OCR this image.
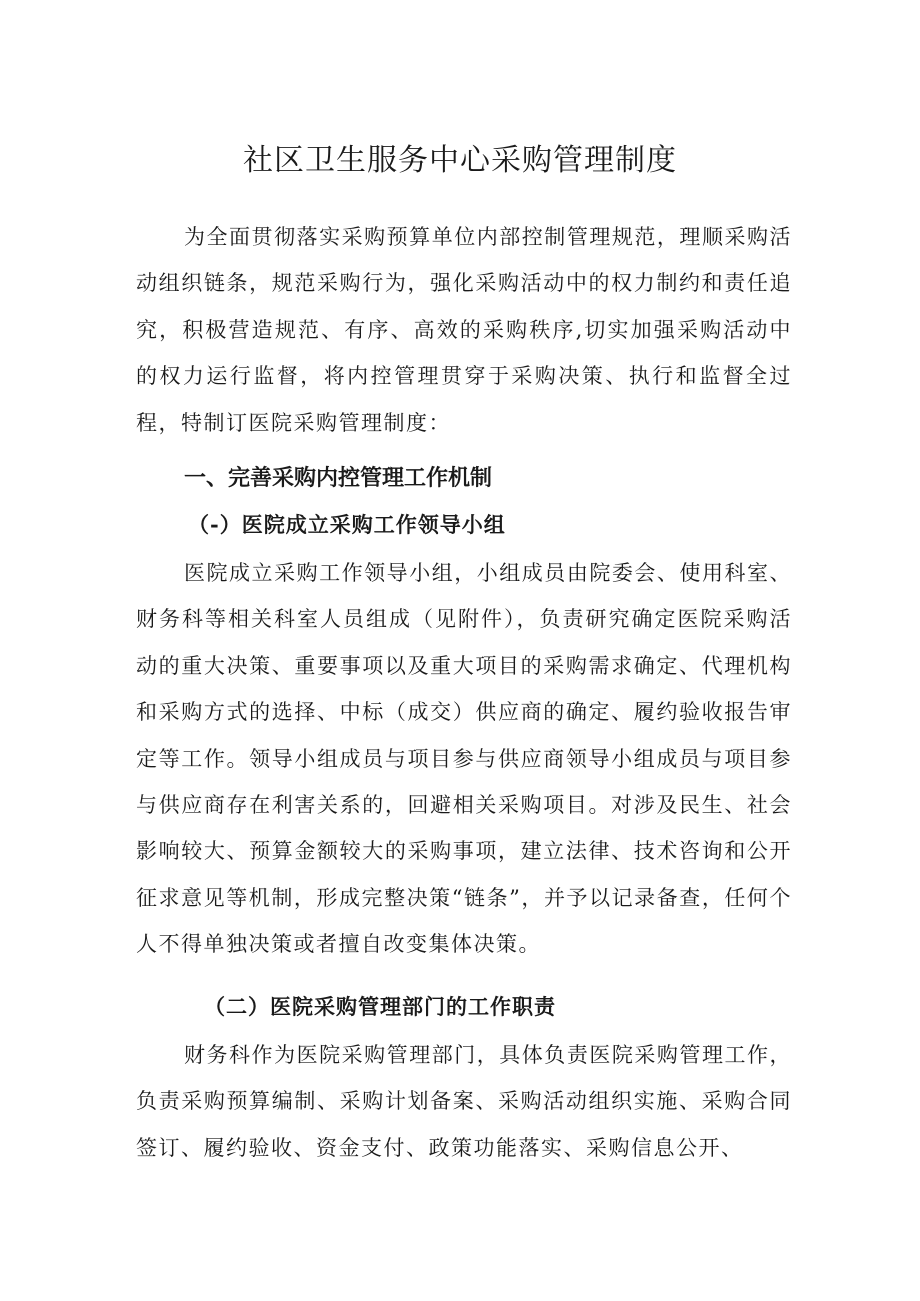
社区卫生服务中心采购管理制度

为全面贯彻落实采购预算单位内部控制管理规范，理顺采购活动组织链条，规范采购行为，强化采购活动中的权力制约和责任追究，积极营造规范、有序、高效的采购秩序,切实加强采购活动中的权力运行监督，将内控管理贯穿于采购决策、执行和监督全过程，特制订医院采购管理制度：

一、完善采购内控管理工作机制
（-）医院成立采购工作领导小组

医院成立采购工作领导小组，小组成员由院委会、使用科室、财务科等相关科室人员组成（见附件），负责研究确定医院采购活动的重大决策、重要事项以及重大项目的采购需求确定、代理机构和采购方式的选择、中标（成交）供应商的确定、履约验收报告审定等工作。领导小组成员与项目参与供应商领导小组成员与项目参与供应商存在利害关系的，回避相关采购项目。对涉及民生、社会影响较大、预算金额较大的采购事项，建立法律、技术咨询和公开征求意见等机制，形成完整决策“链条”，并予以记录备查，任何个人不得单独决策或者擅自改变集体决策。

（二）医院采购管理部门的工作职责

财务科作为医院采购管理部门，具体负责医院采购管理工作，负责采购预算编制、采购计划备案、采购活动组织实施、采购合同签订、履约验收、资金支付、政策功能落实、采购信息公开、
